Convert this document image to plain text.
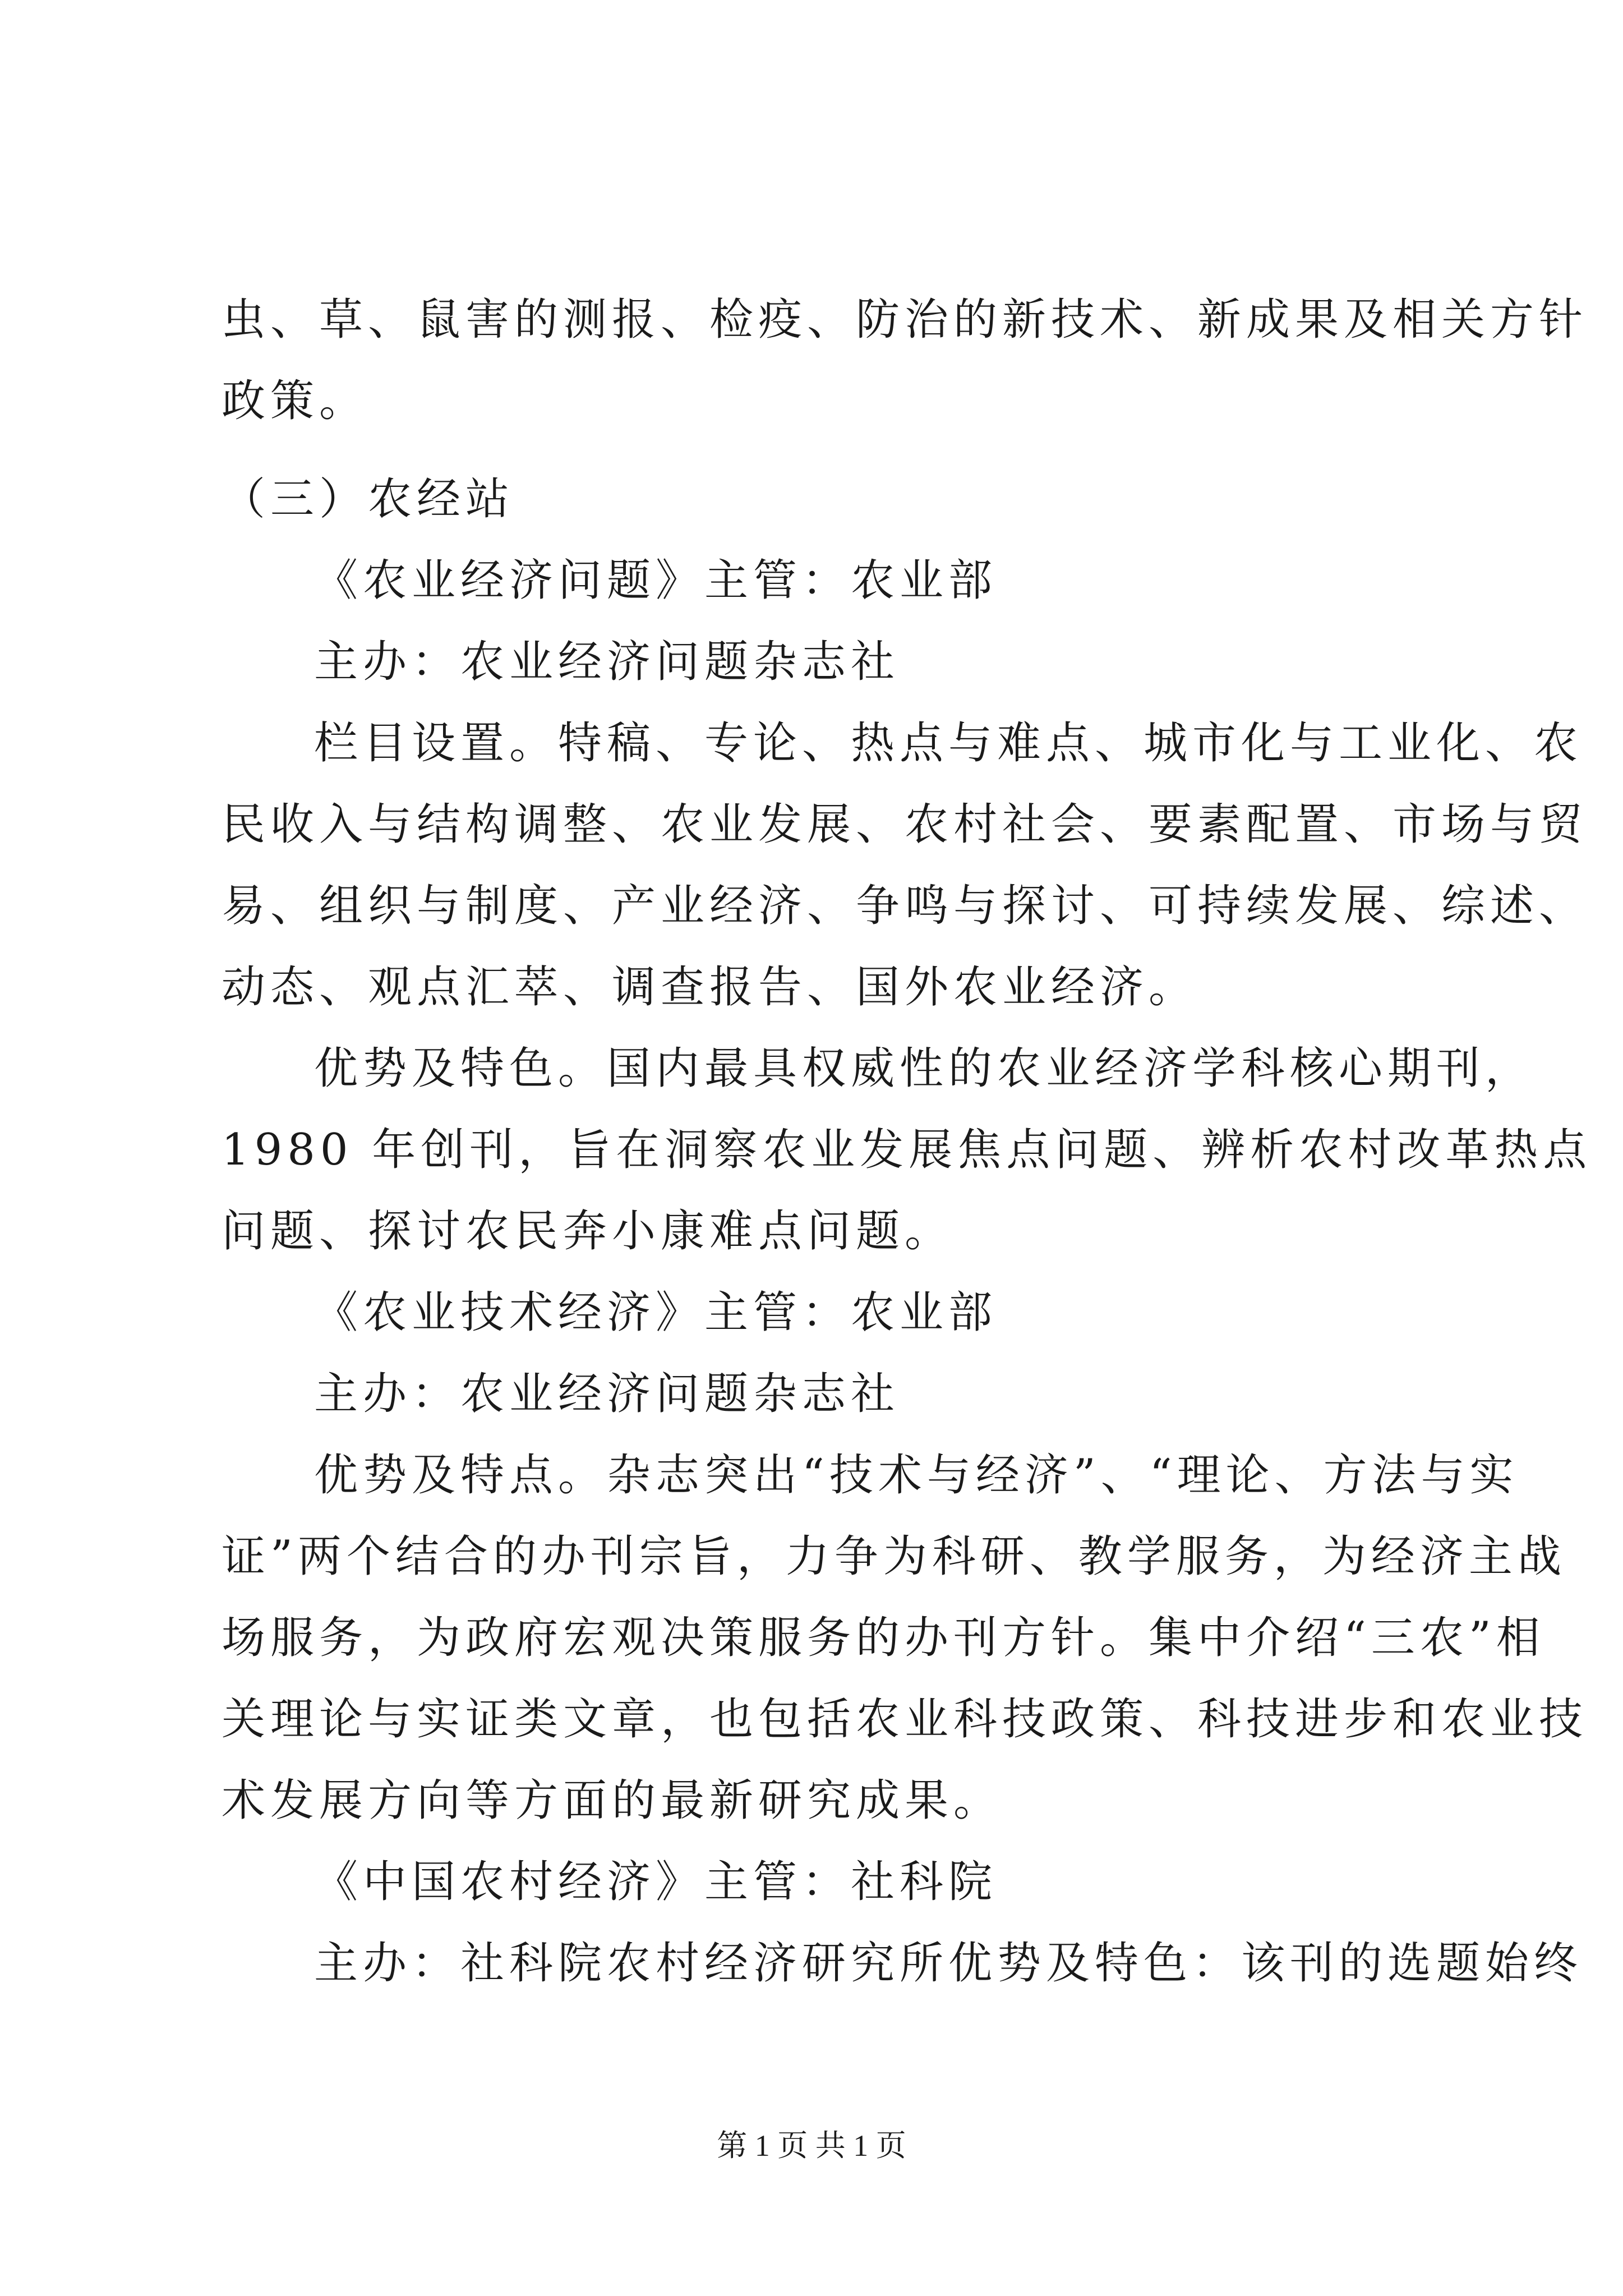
虫、草、鼠害的测报、检疫、防治的新技术、新成果及相关方针
政策。
（三）农经站
《农业经济问题》主管：农业部
主办：农业经济问题杂志社
栏目设置。特稿、专论、热点与难点、城市化与工业化、农
民收入与结构调整、农业发展、农村社会、要素配置、市场与贸
易、组织与制度、产业经济、争鸣与探讨、可持续发展、综述、
动态、观点汇萃、调查报告、国外农业经济。
优势及特色。国内最具权威性的农业经济学科核心期刊，
1980 年创刊，旨在洞察农业发展焦点问题、辨析农村改革热点
问题、探讨农民奔小康难点问题。
《农业技术经济》主管：农业部
主办：农业经济问题杂志社
优势及特点。杂志突出“技术与经济”、“理论、方法与实
证”两个结合的办刊宗旨，力争为科研、教学服务，为经济主战
场服务，为政府宏观决策服务的办刊方针。集中介绍“三农”相
关理论与实证类文章，也包括农业科技政策、科技进步和农业技
术发展方向等方面的最新研究成果。
《中国农村经济》主管：社科院
主办：社科院农村经济研究所优势及特色：该刊的选题始终
第 1 页 共 1 页
